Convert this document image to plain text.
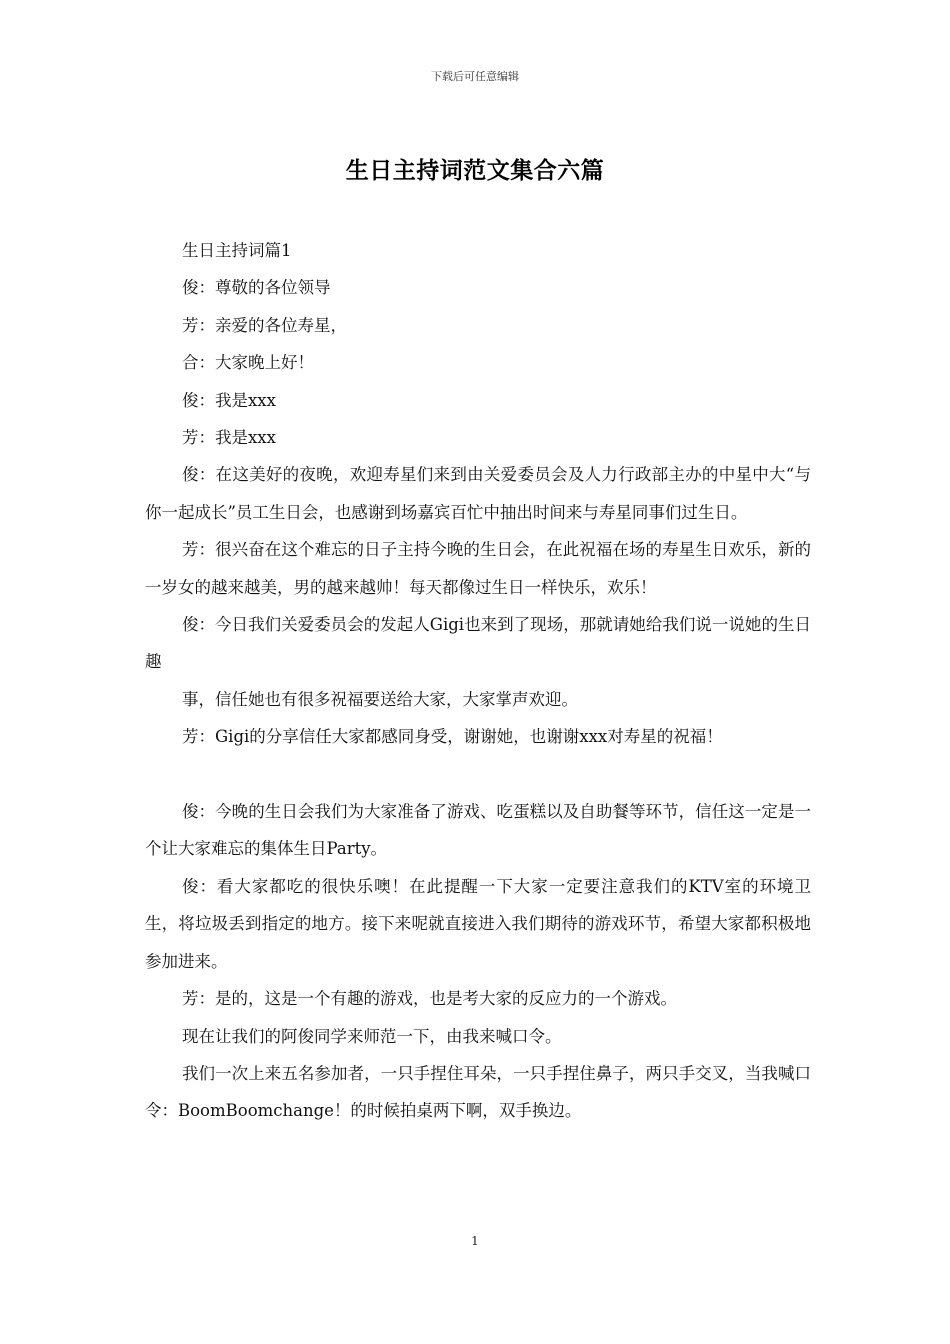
下载后可任意编辑
生日主持词范文集合六篇

生日主持词篇1

俊：尊敬的各位领导

芳：亲爱的各位寿星，

合：大家晚上好！

俊：我是xxx

芳：我是xxx

俊：在这美好的夜晚，欢迎寿星们来到由关爱委员会及人力行政部主办的中星中大“与你一起成长”员工生日会，也感谢到场嘉宾百忙中抽出时间来与寿星同事们过生日。

芳：很兴奋在这个难忘的日子主持今晚的生日会，在此祝福在场的寿星生日欢乐，新的一岁女的越来越美，男的越来越帅！每天都像过生日一样快乐，欢乐！

俊：今日我们关爱委员会的发起人Gigi也来到了现场，那就请她给我们说一说她的生日趣

事，信任她也有很多祝福要送给大家，大家掌声欢迎。

芳：Gigi的分享信任大家都感同身受，谢谢她，也谢谢xxx对寿星的祝福！

俊：今晚的生日会我们为大家准备了游戏、吃蛋糕以及自助餐等环节，信任这一定是一个让大家难忘的集体生日Party。

俊：看大家都吃的很快乐噢！在此提醒一下大家一定要注意我们的KTV室的环境卫生，将垃圾丢到指定的地方。接下来呢就直接进入我们期待的游戏环节，希望大家都积极地参加进来。

芳：是的，这是一个有趣的游戏，也是考大家的反应力的一个游戏。

现在让我们的阿俊同学来师范一下，由我来喊口令。

我们一次上来五名参加者，一只手捏住耳朵，一只手捏住鼻子，两只手交叉，当我喊口令：BoomBoomchange！的时候拍桌两下啊，双手换边。

1
